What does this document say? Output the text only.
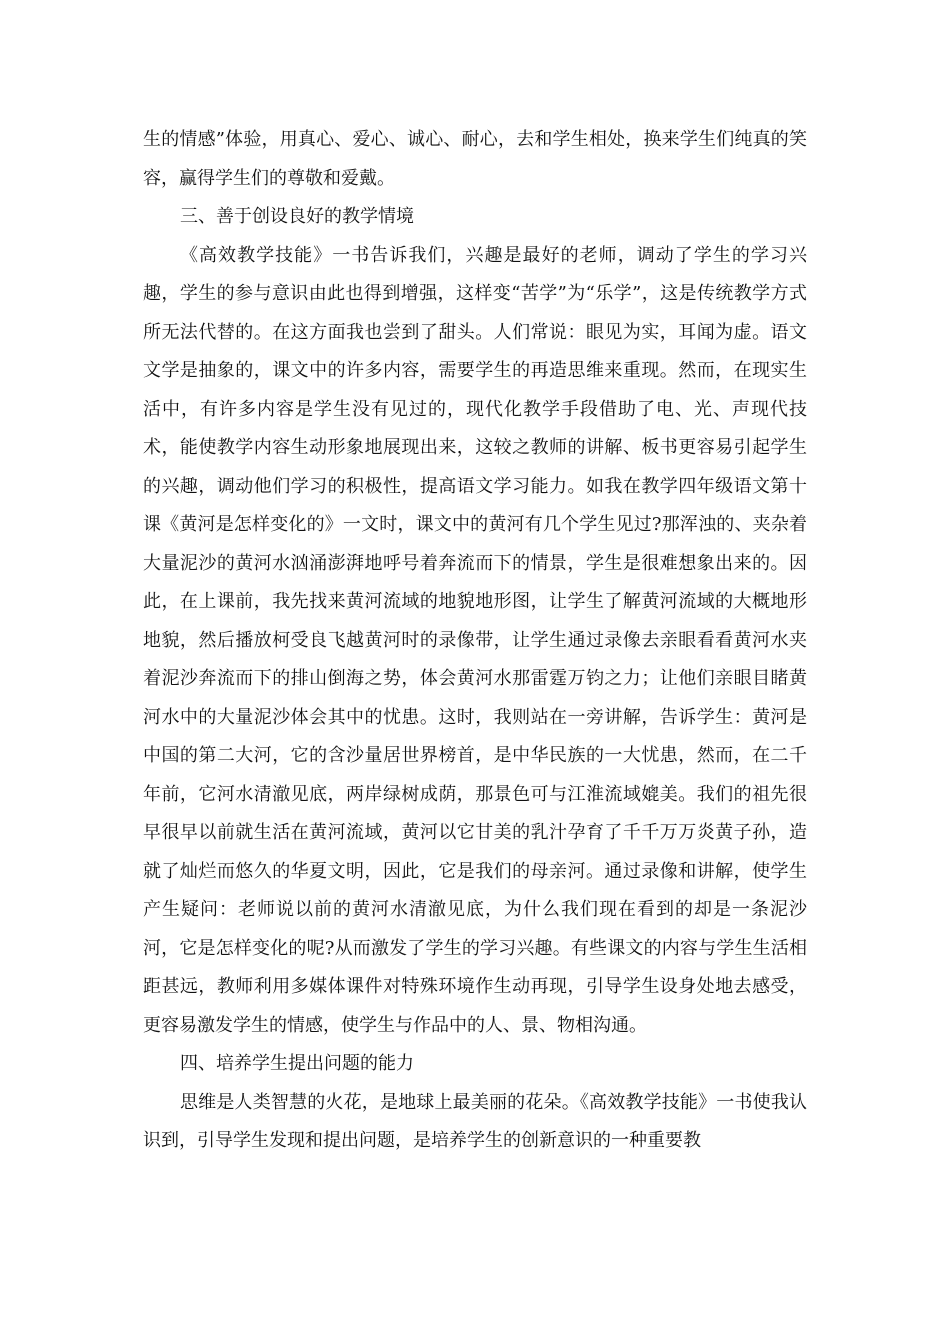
生的情感”体验，用真心、爱心、诚心、耐心，去和学生相处，换来学生们纯真的笑容，赢得学生们的尊敬和爱戴。

三、善于创设良好的教学情境

《高效教学技能》一书告诉我们，兴趣是最好的老师，调动了学生的学习兴趣，学生的参与意识由此也得到增强，这样变“苦学”为“乐学”，这是传统教学方式所无法代替的。在这方面我也尝到了甜头。人们常说：眼见为实，耳闻为虚。语文文学是抽象的，课文中的许多内容，需要学生的再造思维来重现。然而，在现实生活中，有许多内容是学生没有见过的，现代化教学手段借助了电、光、声现代技术，能使教学内容生动形象地展现出来，这较之教师的讲解、板书更容易引起学生的兴趣，调动他们学习的积极性，提高语文学习能力。如我在教学四年级语文第十课《黄河是怎样变化的》一文时，课文中的黄河有几个学生见过?那浑浊的、夹杂着大量泥沙的黄河水汹涌澎湃地呼号着奔流而下的情景，学生是很难想象出来的。因此，在上课前，我先找来黄河流域的地貌地形图，让学生了解黄河流域的大概地形地貌，然后播放柯受良飞越黄河时的录像带，让学生通过录像去亲眼看看黄河水夹着泥沙奔流而下的排山倒海之势，体会黄河水那雷霆万钧之力；让他们亲眼目睹黄河水中的大量泥沙体会其中的忧患。这时，我则站在一旁讲解，告诉学生：黄河是中国的第二大河，它的含沙量居世界榜首，是中华民族的一大忧患，然而，在二千年前，它河水清澈见底，两岸绿树成荫，那景色可与江淮流域媲美。我们的祖先很早很早以前就生活在黄河流域，黄河以它甘美的乳汁孕育了千千万万炎黄子孙，造就了灿烂而悠久的华夏文明，因此，它是我们的母亲河。通过录像和讲解，使学生产生疑问：老师说以前的黄河水清澈见底，为什么我们现在看到的却是一条泥沙河，它是怎样变化的呢?从而激发了学生的学习兴趣。有些课文的内容与学生生活相距甚远，教师利用多媒体课件对特殊环境作生动再现，引导学生设身处地去感受，更容易激发学生的情感，使学生与作品中的人、景、物相沟通。

四、培养学生提出问题的能力

思维是人类智慧的火花，是地球上最美丽的花朵。《高效教学技能》一书使我认识到，引导学生发现和提出问题，是培养学生的创新意识的一种重要教
